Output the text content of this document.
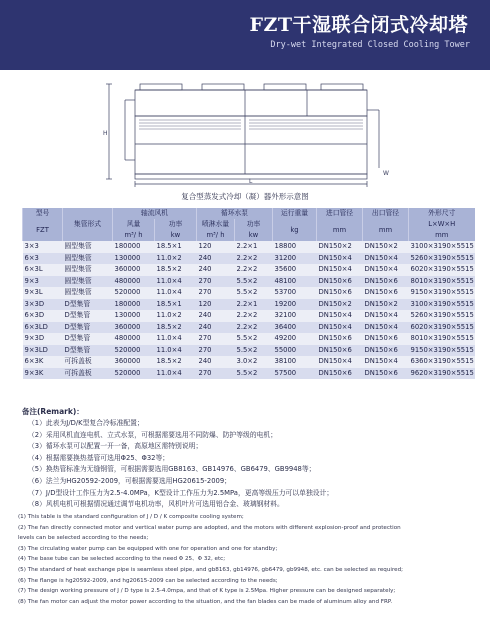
FZT干湿联合闭式冷却塔
Dry-wet Integrated Closed Cooling Tower
H
L
W
复合型蒸发式冷却（凝）器外形示意图
型号	集管形式	轴流风机		循环水泵		运行重量	进口管径	出口管径	外形尺寸
FZT		风量	功率	喷淋水量	功率	kg	mm	mm	L×W×H
		m³/ h	kw	m³/ h	kw				mm
3×3	圆型集管	180000	18.5×1	120	2.2×1	18800	DN150×2	DN150×2	3100×3190×5515
6×3	圆型集管	130000	11.0×2	240	2.2×2	31200	DN150×4	DN150×4	5260×3190×5515
6×3L	圆型集管	360000	18.5×2	240	2.2×2	35600	DN150×4	DN150×4	6020×3190×5515
9×3	圆型集管	480000	11.0×4	270	5.5×2	48100	DN150×6	DN150×6	8010×3190×5515
9×3L	圆型集管	520000	11.0×4	270	5.5×2	53700	DN150×6	DN150×6	9150×3190×5515
3×3D	D型集管	180000	18.5×1	120	2.2×1	19200	DN150×2	DN150×2	3100×3190×5515
6×3D	D型集管	130000	11.0×2	240	2.2×2	32100	DN150×4	DN150×4	5260×3190×5515
6×3LD	D型集管	360000	18.5×2	240	2.2×2	36400	DN150×4	DN150×4	6020×3190×5515
9×3D	D型集管	480000	11.0×4	270	5.5×2	49200	DN150×6	DN150×6	8010×3190×5515
9×3LD	D型集管	520000	11.0×4	270	5.5×2	55000	DN150×6	DN150×6	9150×3190×5515
6×3K	可拆盖板	360000	18.5×2	240	3.0×2	38100	DN150×4	DN150×4	6360×3190×5515
9×3K	可拆盖板	520000	11.0×4	270	5.5×2	57500	DN150×6	DN150×6	9620×3190×5515
备注(Remark)：
（1）此表为J/D/K型复合冷标准配置；
（2）采用风机直连电机、立式水泵，可根据需要选用不同防爆、防护等级的电机；
（3）循环水泵可以配置一开一备，高原地区需特别说明；
（4）根据需要换热基管可选用Φ25、Φ32等；
（5）换热管标准为无缝钢管，可根据需要选用GB8163、GB14976、GB6479、GB9948等；
（6）法兰为HG20592-2009，可根据需要选用HG20615-2009；
（7）J/D型设计工作压力为2.5-4.0MPa，K型设计工作压力为2.5MPa，更高等级压力可以单独设计；
（8）风机电机可根据情况通过调节电机功率，风机叶片可选用铝合金、玻璃钢材料。
(1) This table is the standard configuration of J / D / K composite cooling system;
(2) The fan directly connected motor and vertical water pump are adopted, and the motors with different explosion-proof and protection
levels can be selected according to the needs;
(3) The circulating water pump can be equipped with one for operation and one for standby;
(4) The base tube can be selected according to the need Φ 25、Φ 32, etc;
(5) The standard of heat exchange pipe is seamless steel pipe, and gb8163, gb14976, gb6479, gb9948, etc. can be selected as required;
(6) The flange is hg20592-2009, and hg20615-2009 can be selected according to the needs;
(7) The design working pressure of J / D type is 2.5-4.0mpa, and that of K type is 2.5Mpa. Higher pressure can be designed separately;
(8) The fan motor can adjust the motor power according to the situation, and the fan blades can be made of aluminum alloy and FRP.
